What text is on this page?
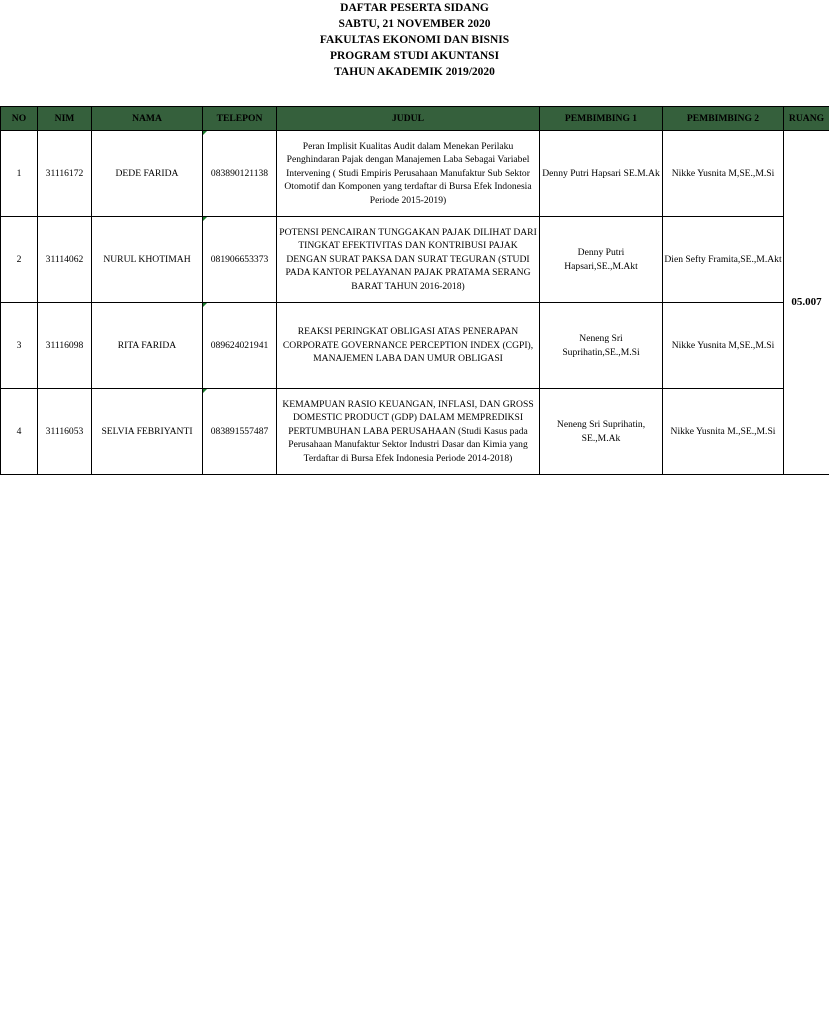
DAFTAR PESERTA SIDANG
SABTU, 21 NOVEMBER 2020
FAKULTAS EKONOMI DAN BISNIS
PROGRAM STUDI AKUNTANSI
TAHUN AKADEMIK 2019/2020
NO	NIM	NAMA	TELEPON	JUDUL	PEMBIMBING 1	PEMBIMBING 2	RUANG
1	31116172	DEDE FARIDA	083890121138	Peran Implisit Kualitas Audit dalam Menekan Perilaku Penghindaran Pajak dengan Manajemen Laba Sebagai Variabel Intervening ( Studi Empiris Perusahaan Manufaktur Sub Sektor Otomotif dan Komponen yang terdaftar di Bursa Efek Indonesia Periode 2015-2019)	Denny Putri Hapsari SE.M.Ak	Nikke Yusnita M,SE.,M.Si	05.007
2	31114062	NURUL KHOTIMAH	081906653373	POTENSI PENCAIRAN TUNGGAKAN PAJAK DILIHAT DARI TINGKAT EFEKTIVITAS DAN KONTRIBUSI PAJAK DENGAN SURAT PAKSA DAN SURAT TEGURAN (STUDI PADA KANTOR PELAYANAN PAJAK PRATAMA SERANG BARAT TAHUN 2016-2018)	Denny Putri Hapsari,SE.,M.Akt	Dien Sefty Framita,SE.,M.Akt	
3	31116098	RITA FARIDA	089624021941	REAKSI PERINGKAT OBLIGASI ATAS PENERAPAN CORPORATE GOVERNANCE PERCEPTION INDEX (CGPI), MANAJEMEN LABA DAN UMUR OBLIGASI	Neneng Sri Suprihatin,SE.,M.Si	Nikke Yusnita M,SE.,M.Si	
4	31116053	SELVIA FEBRIYANTI	083891557487	KEMAMPUAN RASIO KEUANGAN, INFLASI, DAN GROSS DOMESTIC PRODUCT (GDP) DALAM MEMPREDIKSI PERTUMBUHAN LABA PERUSAHAAN (Studi Kasus pada Perusahaan Manufaktur Sektor Industri Dasar dan Kimia yang Terdaftar di Bursa Efek Indonesia Periode 2014-2018)	Neneng Sri Suprihatin, SE.,M.Ak	Nikke Yusnita M.,SE.,M.Si	
